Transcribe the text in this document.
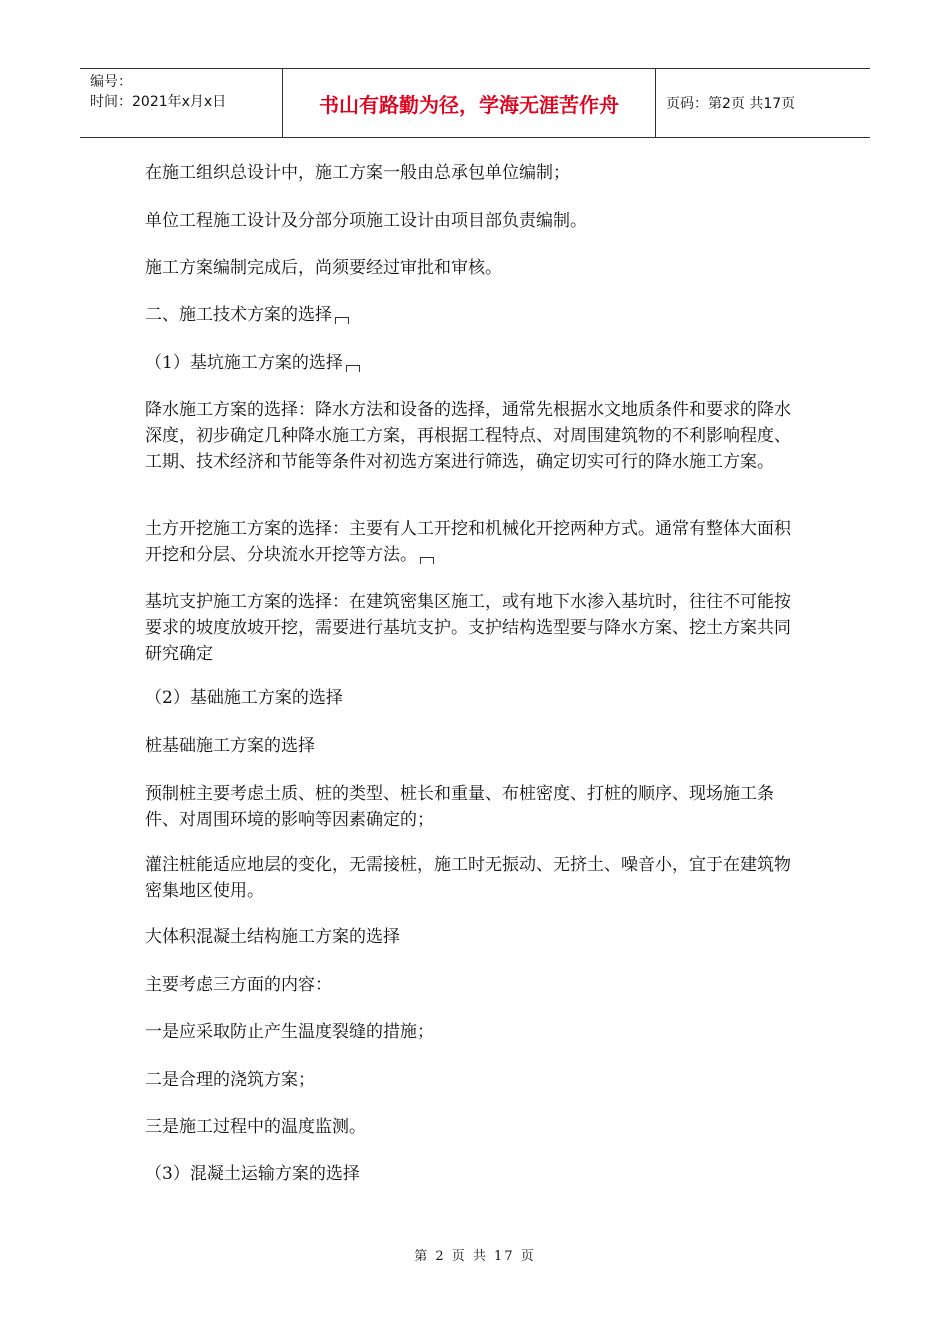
编号：
时间：2021年x月x日	书山有路勤为径，学海无涯苦作舟	页码：第2页 共17页

在施工组织总设计中，施工方案一般由总承包单位编制；

单位工程施工设计及分部分项施工设计由项目部负责编制。

施工方案编制完成后，尚须要经过审批和审核。

二、施工技术方案的选择

（1）基坑施工方案的选择

降水施工方案的选择：降水方法和设备的选择，通常先根据水文地质条件和要求的降水深度，初步确定几种降水施工方案，再根据工程特点、对周围建筑物的不利影响程度、工期、技术经济和节能等条件对初选方案进行筛选，确定切实可行的降水施工方案。

土方开挖施工方案的选择：主要有人工开挖和机械化开挖两种方式。通常有整体大面积开挖和分层、分块流水开挖等方法。

基坑支护施工方案的选择：在建筑密集区施工，或有地下水渗入基坑时，往往不可能按要求的坡度放坡开挖，需要进行基坑支护。支护结构选型要与降水方案、挖土方案共同研究确定

（2）基础施工方案的选择

桩基础施工方案的选择

预制桩主要考虑土质、桩的类型、桩长和重量、布桩密度、打桩的顺序、现场施工条件、对周围环境的影响等因素确定的；

灌注桩能适应地层的变化，无需接桩，施工时无振动、无挤土、噪音小，宜于在建筑物密集地区使用。

大体积混凝土结构施工方案的选择

主要考虑三方面的内容：

一是应采取防止产生温度裂缝的措施；

二是合理的浇筑方案；

三是施工过程中的温度监测。

（3）混凝土运输方案的选择

第 2 页 共 17 页
